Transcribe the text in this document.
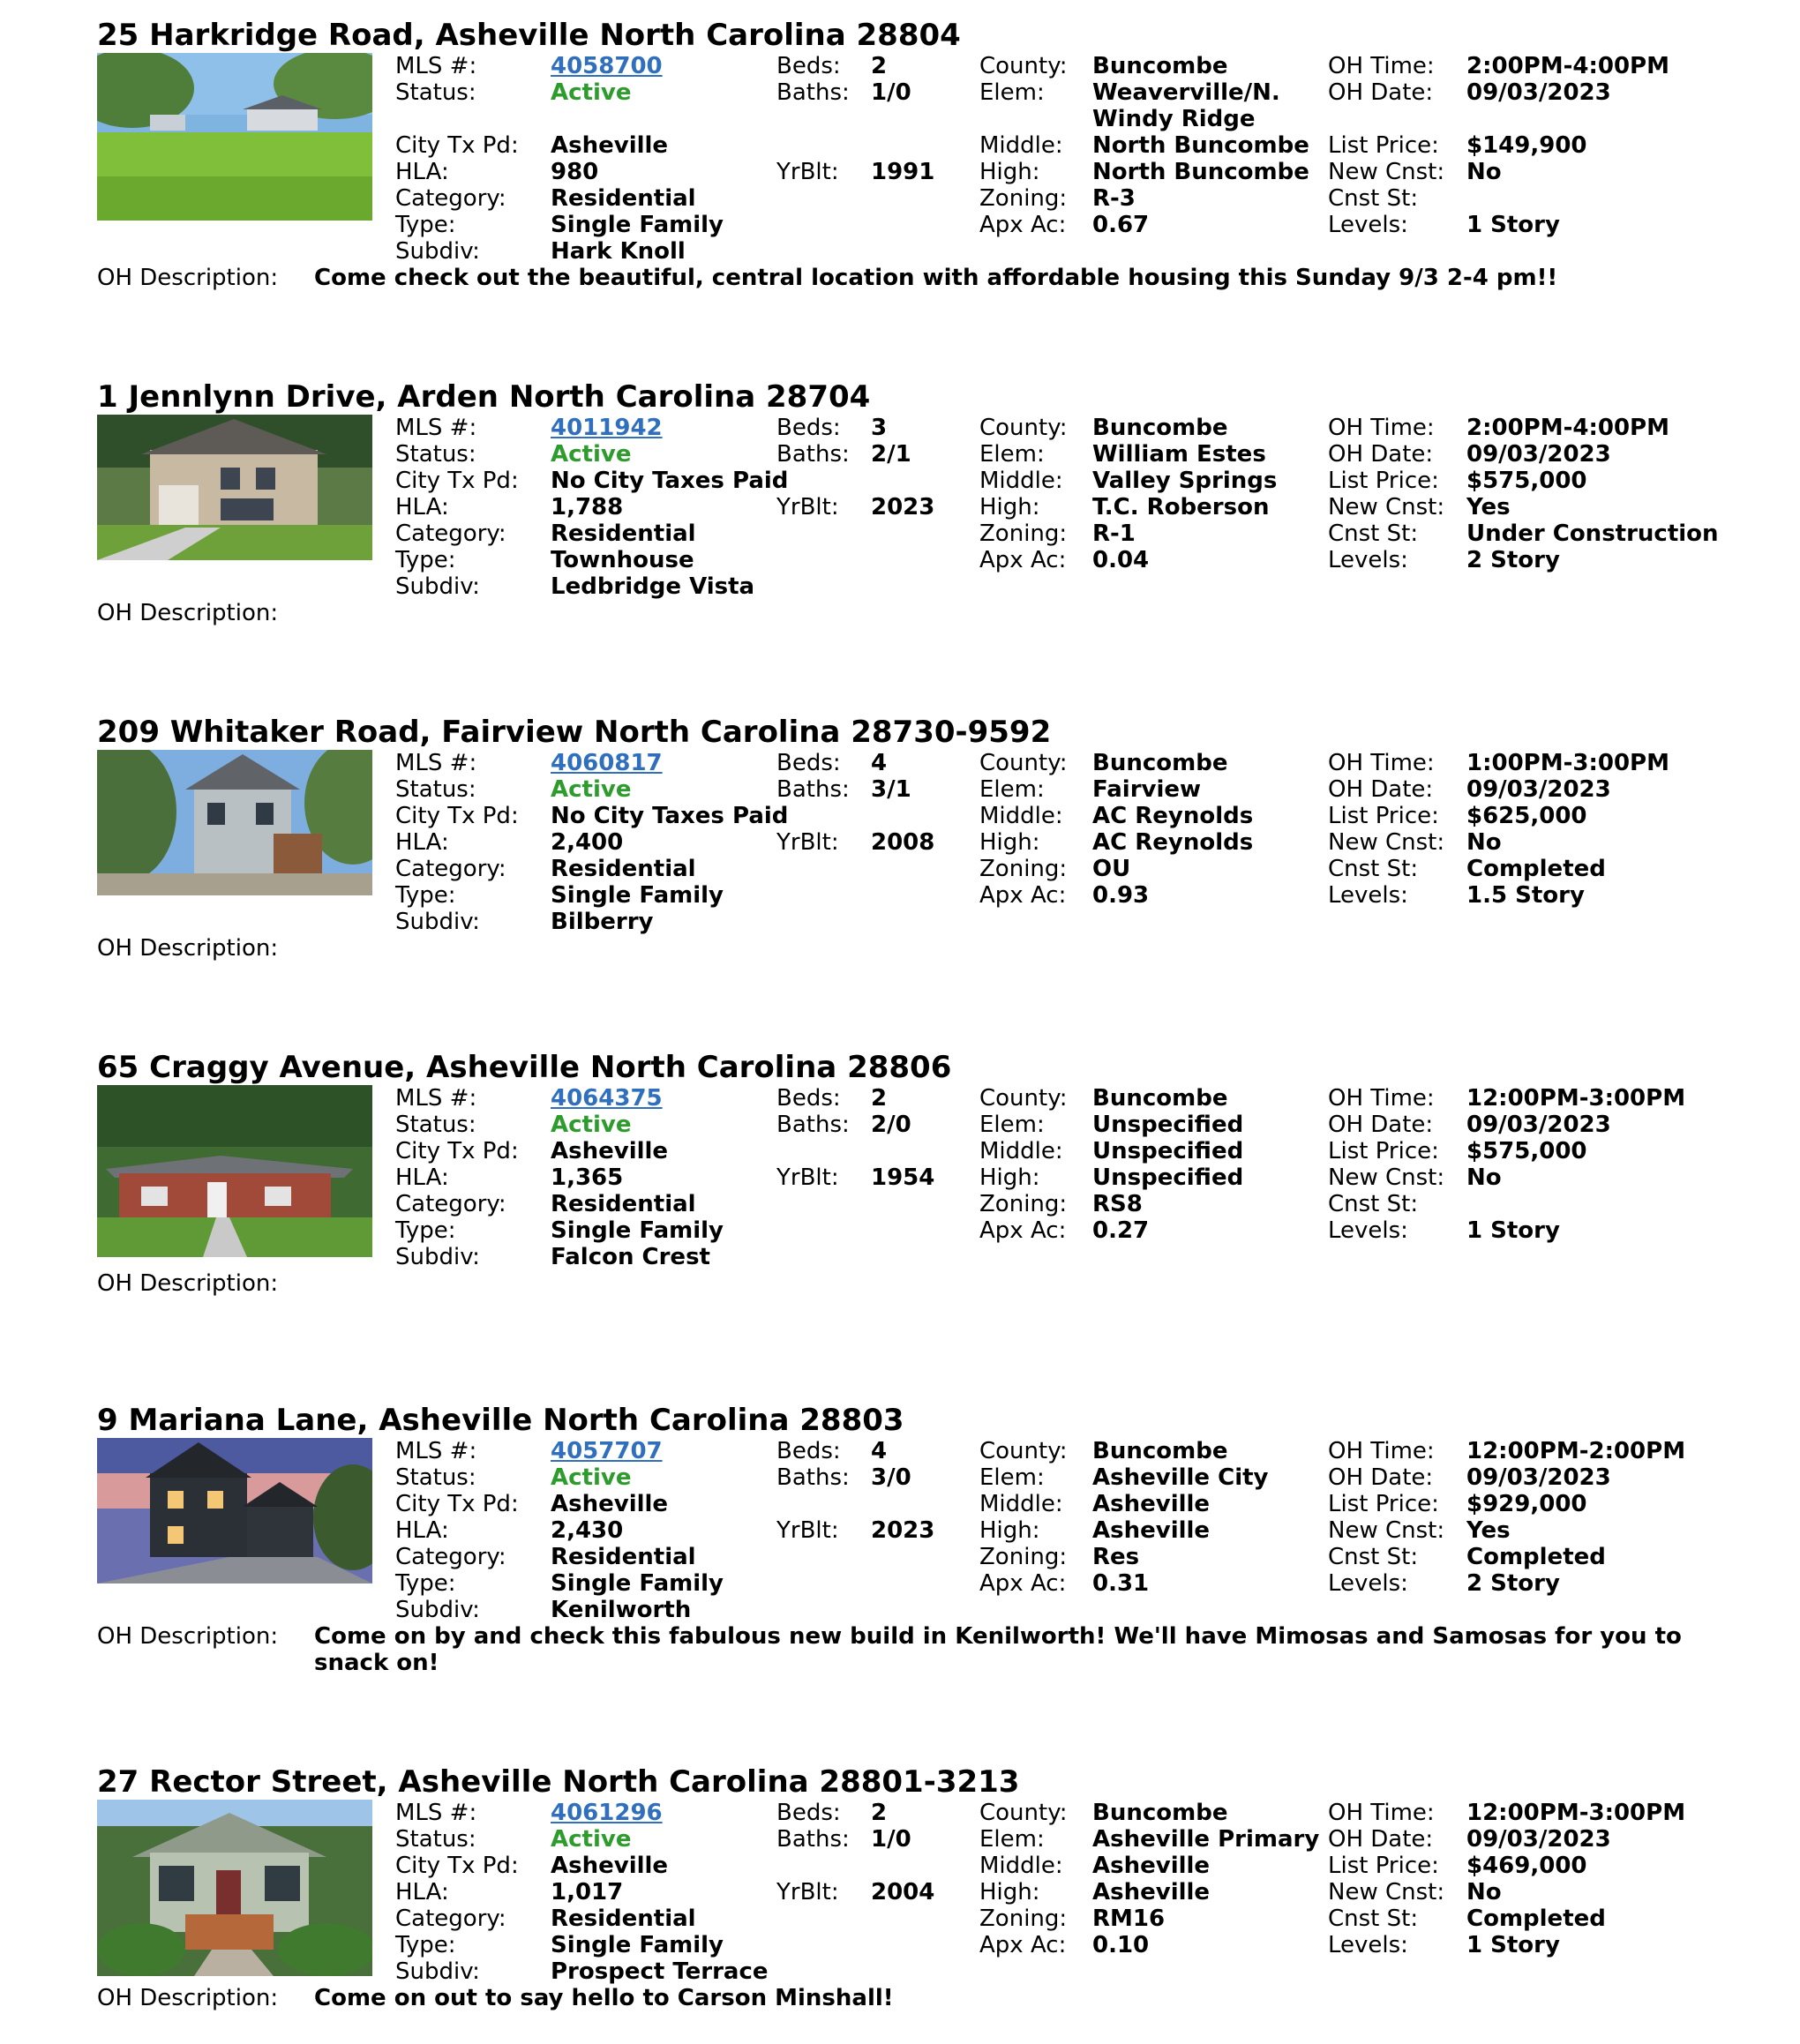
25 Harkridge Road, Asheville North Carolina 28804
MLS #:	4058700	Beds: 2	County: Buncombe	OH Time: 2:00PM-4:00PM
Status:	Active	Baths: 1/0	Elem: Weaverville/N. OH Date: 09/03/2023
Windy Ridge
City Tx Pd: Asheville	Middle: North Buncombe List Price: $149,900
HLA:	980	YrBlt: 1991 High: North Buncombe New Cnst: No
Category: Residential	Zoning: R-3	Cnst St:
Type:	Single Family	Apx Ac: 0.67	Levels:	1 Story
Subdiv:	Hark Knoll
OH Description: Come check out the beautiful, central location with affordable housing this Sunday 9/3 2-4 pm!!
1 Jennlynn Drive, Arden North Carolina 28704
MLS #:	4011942	Beds: 3	County: Buncombe	OH Time: 2:00PM-4:00PM
Status:	Active	Baths: 2/1	Elem: William Estes	OH Date: 09/03/2023
City Tx Pd: No City Taxes Paid	Middle: Valley Springs List Price: $575,000
HLA:	1,788	YrBlt: 2023 High: T.C. Roberson	New Cnst: Yes
Category: Residential	Zoning: R-1	Cnst St: Under Construction
Type:	Townhouse	Apx Ac: 0.04	Levels:	2 Story
Subdiv:	Ledbridge Vista
OH Description:
209 Whitaker Road, Fairview North Carolina 28730-9592
MLS #:	4060817	Beds: 4	County: Buncombe	OH Time: 1:00PM-3:00PM
Status:	Active	Baths: 3/1	Elem: Fairview	OH Date: 09/03/2023
City Tx Pd: No City Taxes Paid	Middle: AC Reynolds	List Price: $625,000
HLA:	2,400	YrBlt: 2008 High: AC Reynolds	New Cnst: No
Category: Residential	Zoning: OU	Cnst St: Completed
Type:	Single Family	Apx Ac: 0.93	Levels:	1.5 Story
Subdiv:	Bilberry
OH Description:
65 Craggy Avenue, Asheville North Carolina 28806
MLS #:	4064375	Beds: 2	County: Buncombe	OH Time: 12:00PM-3:00PM
Status:	Active	Baths: 2/0	Elem: Unspecified	OH Date: 09/03/2023
City Tx Pd: Asheville	Middle: Unspecified	List Price: $575,000
HLA:	1,365	YrBlt: 1954 High: Unspecified	New Cnst: No
Category: Residential	Zoning: RS8	Cnst St:
Type:	Single Family	Apx Ac: 0.27	Levels:	1 Story
Subdiv:	Falcon Crest
OH Description:
9 Mariana Lane, Asheville North Carolina 28803
MLS #:	4057707	Beds: 4	County: Buncombe	OH Time: 12:00PM-2:00PM
Status:	Active	Baths: 3/0	Elem: Asheville City	OH Date: 09/03/2023
City Tx Pd: Asheville	Middle: Asheville	List Price: $929,000
HLA:	2,430	YrBlt: 2023 High: Asheville	New Cnst: Yes
Category: Residential	Zoning: Res	Cnst St: Completed
Type:	Single Family	Apx Ac: 0.31	Levels:	2 Story
Subdiv:	Kenilworth
OH Description: Come on by and check this fabulous new build in Kenilworth! We'll have Mimosas and Samosas for you to snack on!
27 Rector Street, Asheville North Carolina 28801-3213
MLS #:	4061296	Beds: 2	County: Buncombe	OH Time: 12:00PM-3:00PM
Status:	Active	Baths: 1/0	Elem: Asheville Primary OH Date: 09/03/2023
City Tx Pd: Asheville	Middle: Asheville	List Price: $469,000
HLA:	1,017	YrBlt: 2004 High: Asheville	New Cnst: No
Category: Residential	Zoning: RM16	Cnst St: Completed
Type:	Single Family	Apx Ac: 0.10	Levels:	1 Story
Subdiv:	Prospect Terrace
OH Description: Come on out to say hello to Carson Minshall!
